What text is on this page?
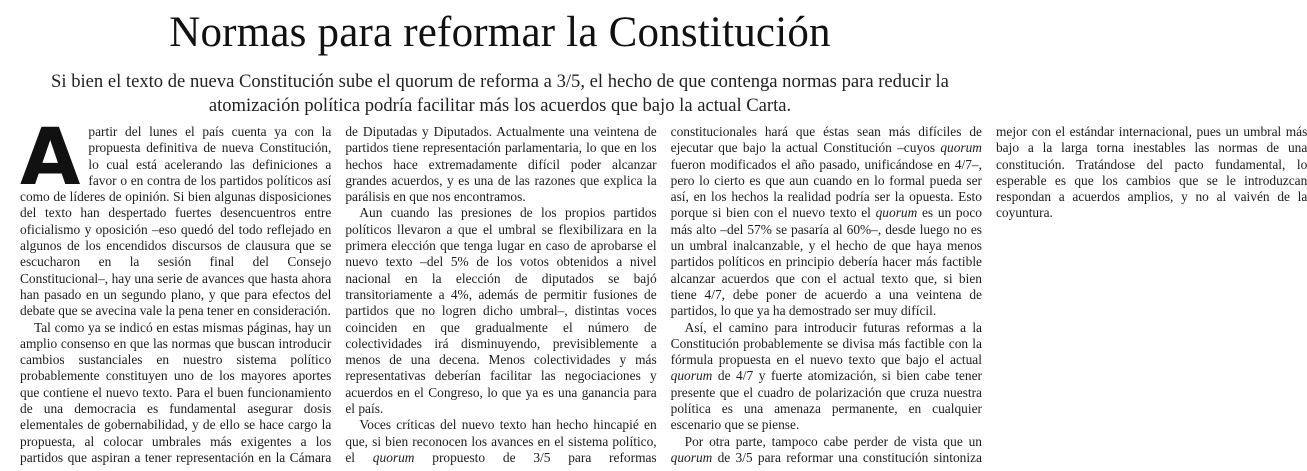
Normas para reformar la Constitución
Si bien el texto de nueva Constitución sube el quorum de reforma a 3/5, el hecho de que contenga normas para reducir la atomización política podría facilitar más los acuerdos que bajo la actual Carta.

Apartir del lunes el país cuenta ya con la propuesta definitiva de nueva Constitución, lo cual está acelerando las definiciones a favor o en contra de los partidos políticos así como de líderes de opinión. Si bien algunas disposiciones del texto han despertado fuertes desencuentros entre oficialismo y oposición –eso quedó del todo reflejado en algunos de los encendidos discursos de clausura que se escucharon en la sesión final del Consejo Constitucional–, hay una serie de avances que hasta ahora han pasado en un segundo plano, y que para efectos del debate que se avecina vale la pena tener en consideración.

Tal como ya se indicó en estas mismas páginas, hay un amplio consenso en que las normas que buscan introducir cambios sustanciales en nuestro sistema político probablemente constituyen uno de los mayores aportes que contiene el nuevo texto. Para el buen funcionamiento de una democracia es fundamental asegurar dosis elementales de gobernabilidad, y de ello se hace cargo la propuesta, al colocar umbrales más exigentes a los partidos que aspiran a tener representación en la Cámara de Diputadas y Diputados. Actualmente una veintena de partidos tiene representación parlamentaria, lo que en los hechos hace extremadamente difícil poder alcanzar grandes acuerdos, y es una de las razones que explica la parálisis en que nos encontramos.

Aun cuando las presiones de los propios partidos políticos llevaron a que el umbral se flexibilizara en la primera elección que tenga lugar en caso de aprobarse el nuevo texto –del 5% de los votos obtenidos a nivel nacional en la elección de diputados se bajó transitoriamente a 4%, además de permitir fusiones de partidos que no logren dicho umbral–, distintas voces coinciden en que gradualmente el número de colectividades irá disminuyendo, previsiblemente a menos de una decena. Menos colectividades y más representativas deberían facilitar las negociaciones y acuerdos en el Congreso, lo que ya es una ganancia para el país.

Voces críticas del nuevo texto han hecho hincapié en que, si bien reconocen los avances en el sistema político, el quorum propuesto de 3/5 para reformas constitucionales hará que éstas sean más difíciles de ejecutar que bajo la actual Constitución –cuyos quorum fueron modificados el año pasado, unificándose en 4/7–, pero lo cierto es que aun cuando en lo formal pueda ser así, en los hechos la realidad podría ser la opuesta. Esto porque si bien con el nuevo texto el quorum es un poco más alto –del 57% se pasaría al 60%–, desde luego no es un umbral inalcanzable, y el hecho de que haya menos partidos políticos en principio debería hacer más factible alcanzar acuerdos que con el actual texto que, si bien tiene 4/7, debe poner de acuerdo a una veintena de partidos, lo que ya ha demostrado ser muy difícil.

Así, el camino para introducir futuras reformas a la Constitución probablemente se divisa más factible con la fórmula propuesta en el nuevo texto que bajo el actual quorum de 4/7 y fuerte atomización, si bien cabe tener presente que el cuadro de polarización que cruza nuestra política es una amenaza permanente, en cualquier escenario que se piense.

Por otra parte, tampoco cabe perder de vista que un quorum de 3/5 para reformar una constitución sintoniza mejor con el estándar internacional, pues un umbral más bajo a la larga torna inestables las normas de una constitución. Tratándose del pacto fundamental, lo esperable es que los cambios que se le introduzcan respondan a acuerdos amplios, y no al vaivén de la coyuntura.
